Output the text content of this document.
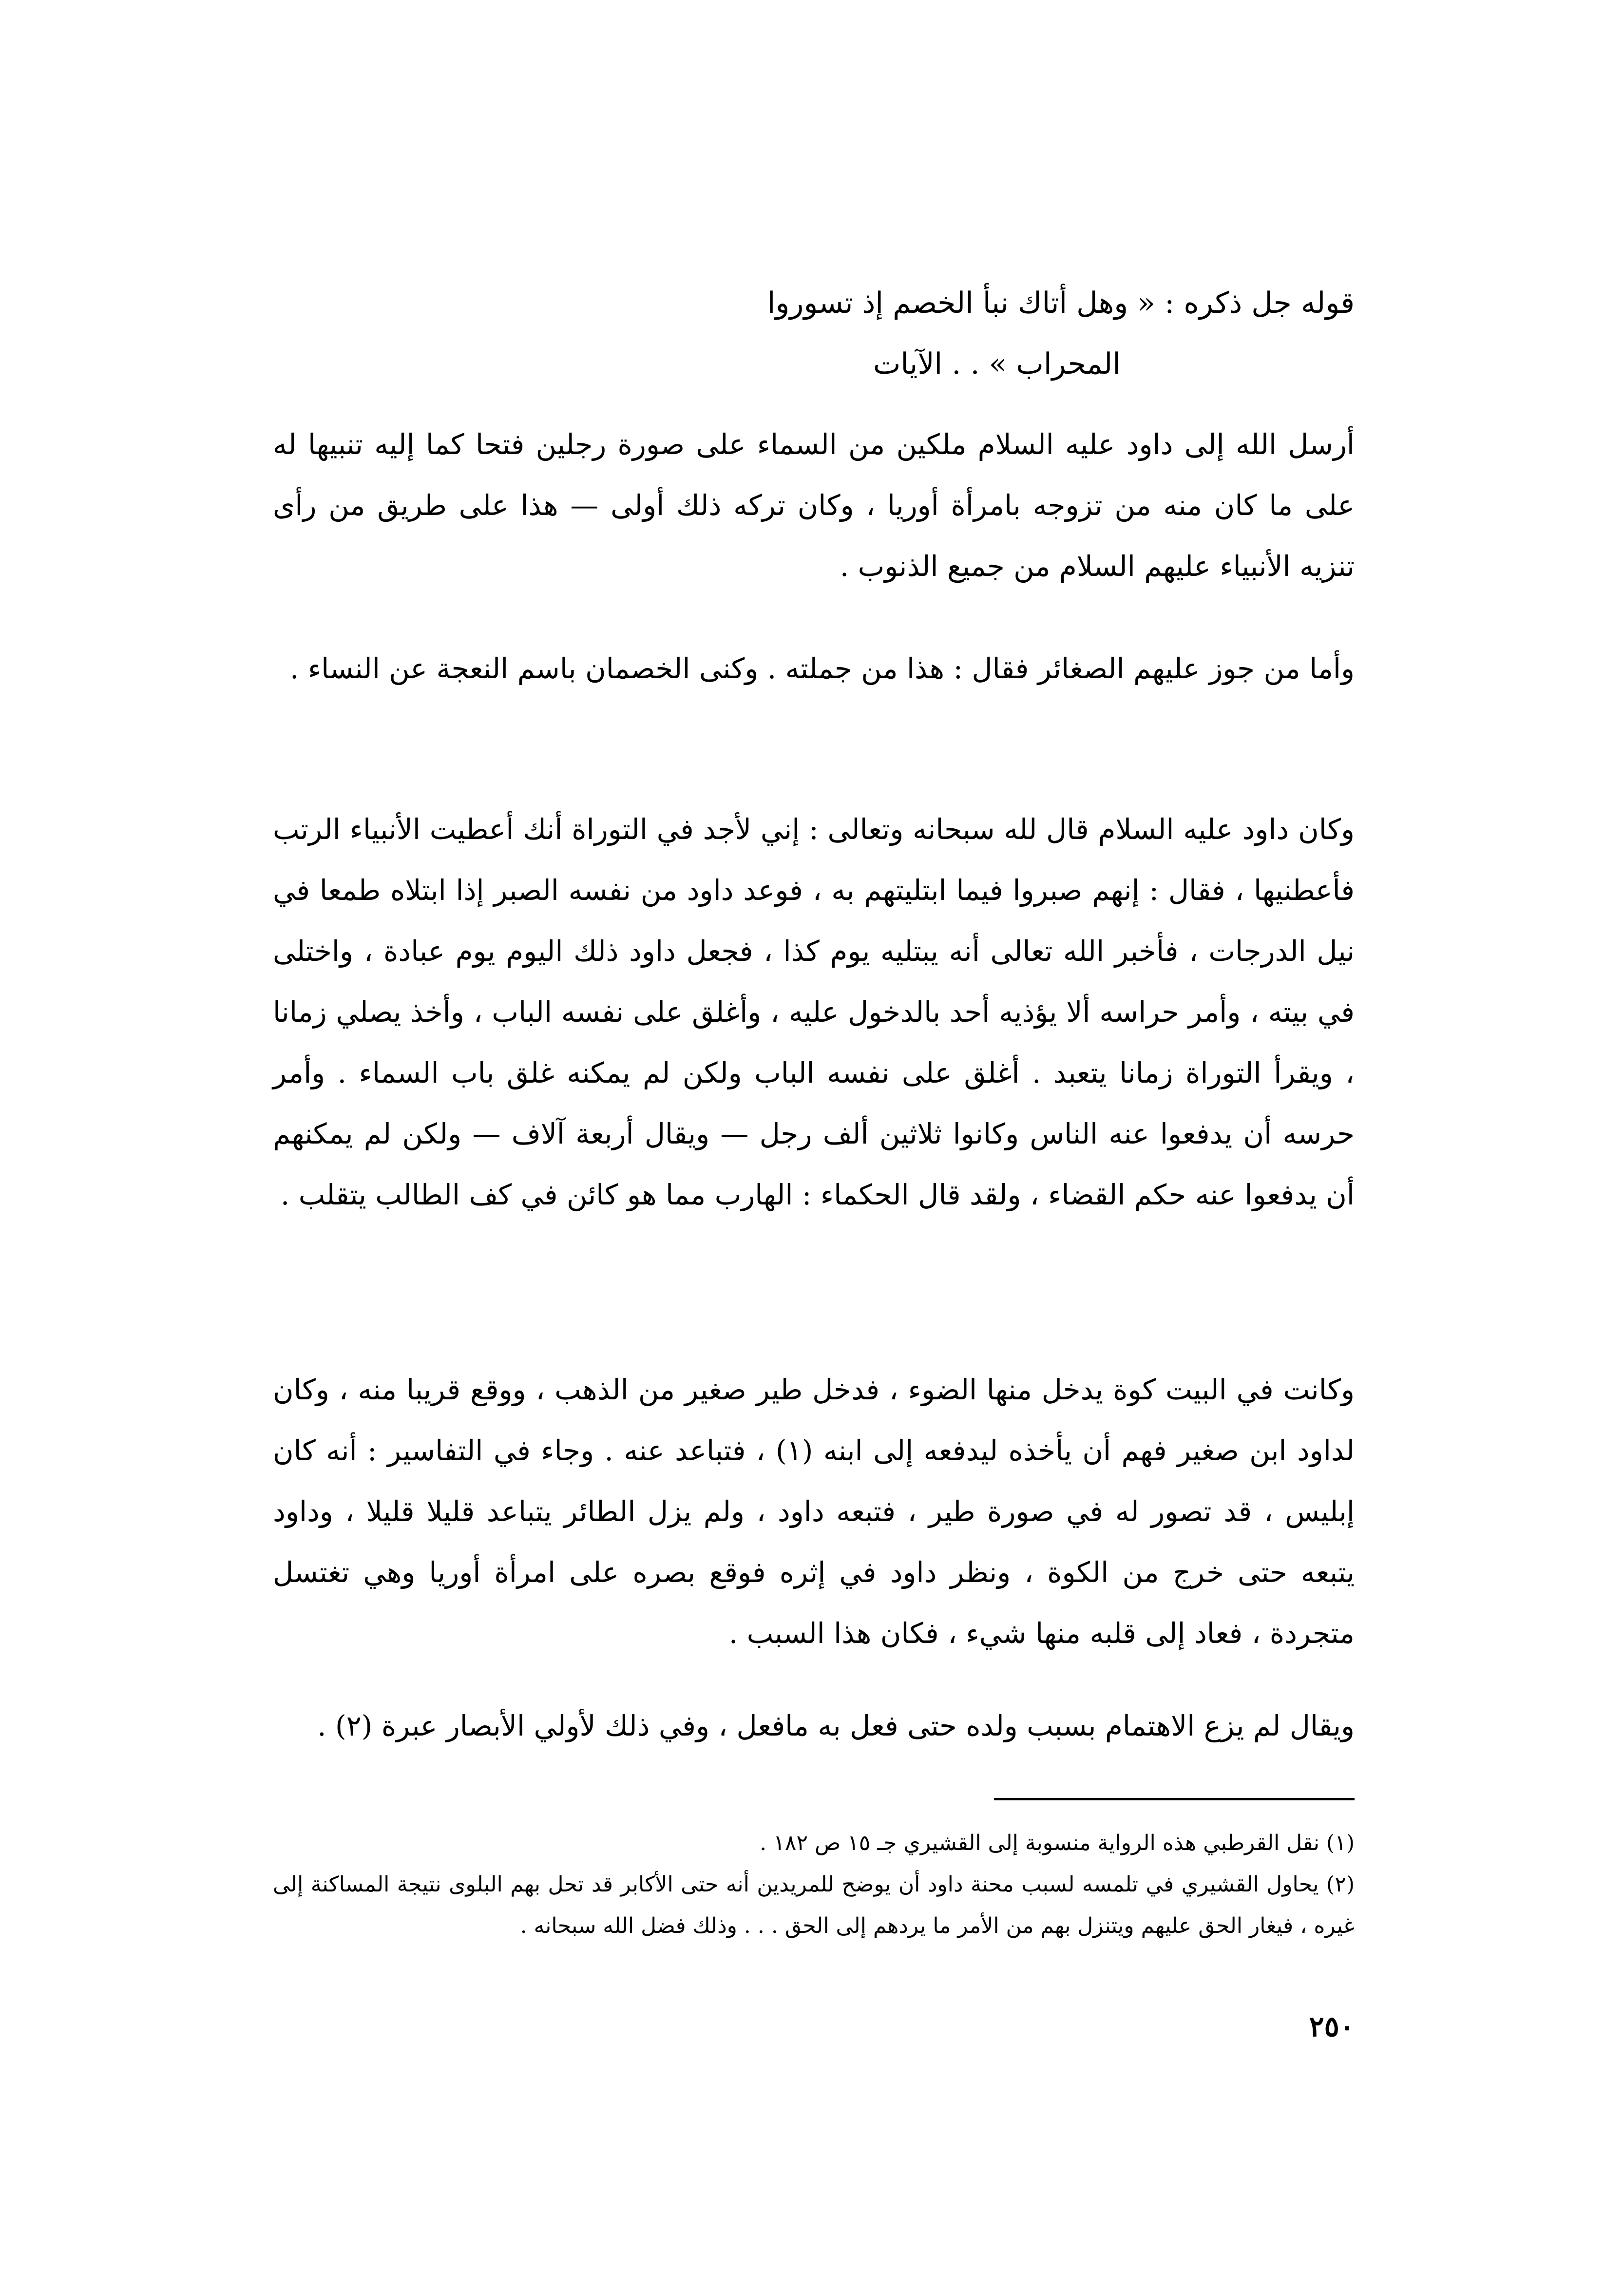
قوله جل ذكره : « وهل أتاك نبأ الخصم إذ تسوروا
المحراب » . . الآيات

أرسل الله إلى داود عليه السلام ملكين من السماء على صورة رجلين فتحا كما إليه تنبيها له على ما كان منه من تزوجه بامرأة أوريا ، وكان تركه ذلك أولى — هذا على طريق من رأى تنزيه الأنبياء عليهم السلام من جميع الذنوب .

وأما من جوز عليهم الصغائر فقال : هذا من جملته . وكنى الخصمان باسم النعجة عن النساء .

وكان داود عليه السلام قال لله سبحانه وتعالى : إني لأجد في التوراة أنك أعطيت الأنبياء الرتب فأعطنيها ، فقال : إنهم صبروا فيما ابتليتهم به ، فوعد داود من نفسه الصبر إذا ابتلاه طمعا في نيل الدرجات ، فأخبر الله تعالى أنه يبتليه يوم كذا ، فجعل داود ذلك اليوم يوم عبادة ، واختلى في بيته ، وأمر حراسه ألا يؤذيه أحد بالدخول عليه ، وأغلق على نفسه الباب ، وأخذ يصلي زمانا ، ويقرأ التوراة زمانا يتعبد . أغلق على نفسه الباب ولكن لم يمكنه غلق باب السماء . وأمر حرسه أن يدفعوا عنه الناس وكانوا ثلاثين ألف رجل — ويقال أربعة آلاف — ولكن لم يمكنهم أن يدفعوا عنه حكم القضاء ، ولقد قال الحكماء : الهارب مما هو كائن في كف الطالب يتقلب .

وكانت في البيت كوة يدخل منها الضوء ، فدخل طير صغير من الذهب ، ووقع قريبا منه ، وكان لداود ابن صغير فهم أن يأخذه ليدفعه إلى ابنه (١) ، فتباعد عنه . وجاء في التفاسير : أنه كان إبليس ، قد تصور له في صورة طير ، فتبعه داود ، ولم يزل الطائر يتباعد قليلا قليلا ، وداود يتبعه حتى خرج من الكوة ، ونظر داود في إثره فوقع بصره على امرأة أوريا وهي تغتسل متجردة ، فعاد إلى قلبه منها شيء ، فكان هذا السبب .

ويقال لم يزع الاهتمام بسبب ولده حتى فعل به مافعل ، وفي ذلك لأولي الأبصار عبرة (٢) .

(١) نقل القرطبي هذه الرواية منسوبة إلى القشيري جـ ١٥ ص ١٨٢ .

(٢) يحاول القشيري في تلمسه لسبب محنة داود أن يوضح للمريدين أنه حتى الأكابر قد تحل بهم البلوى نتيجة المساكنة إلى غيره ، فيغار الحق عليهم ويتنزل بهم من الأمر ما يردهم إلى الحق . . . وذلك فضل الله سبحانه .

٢٥٠
